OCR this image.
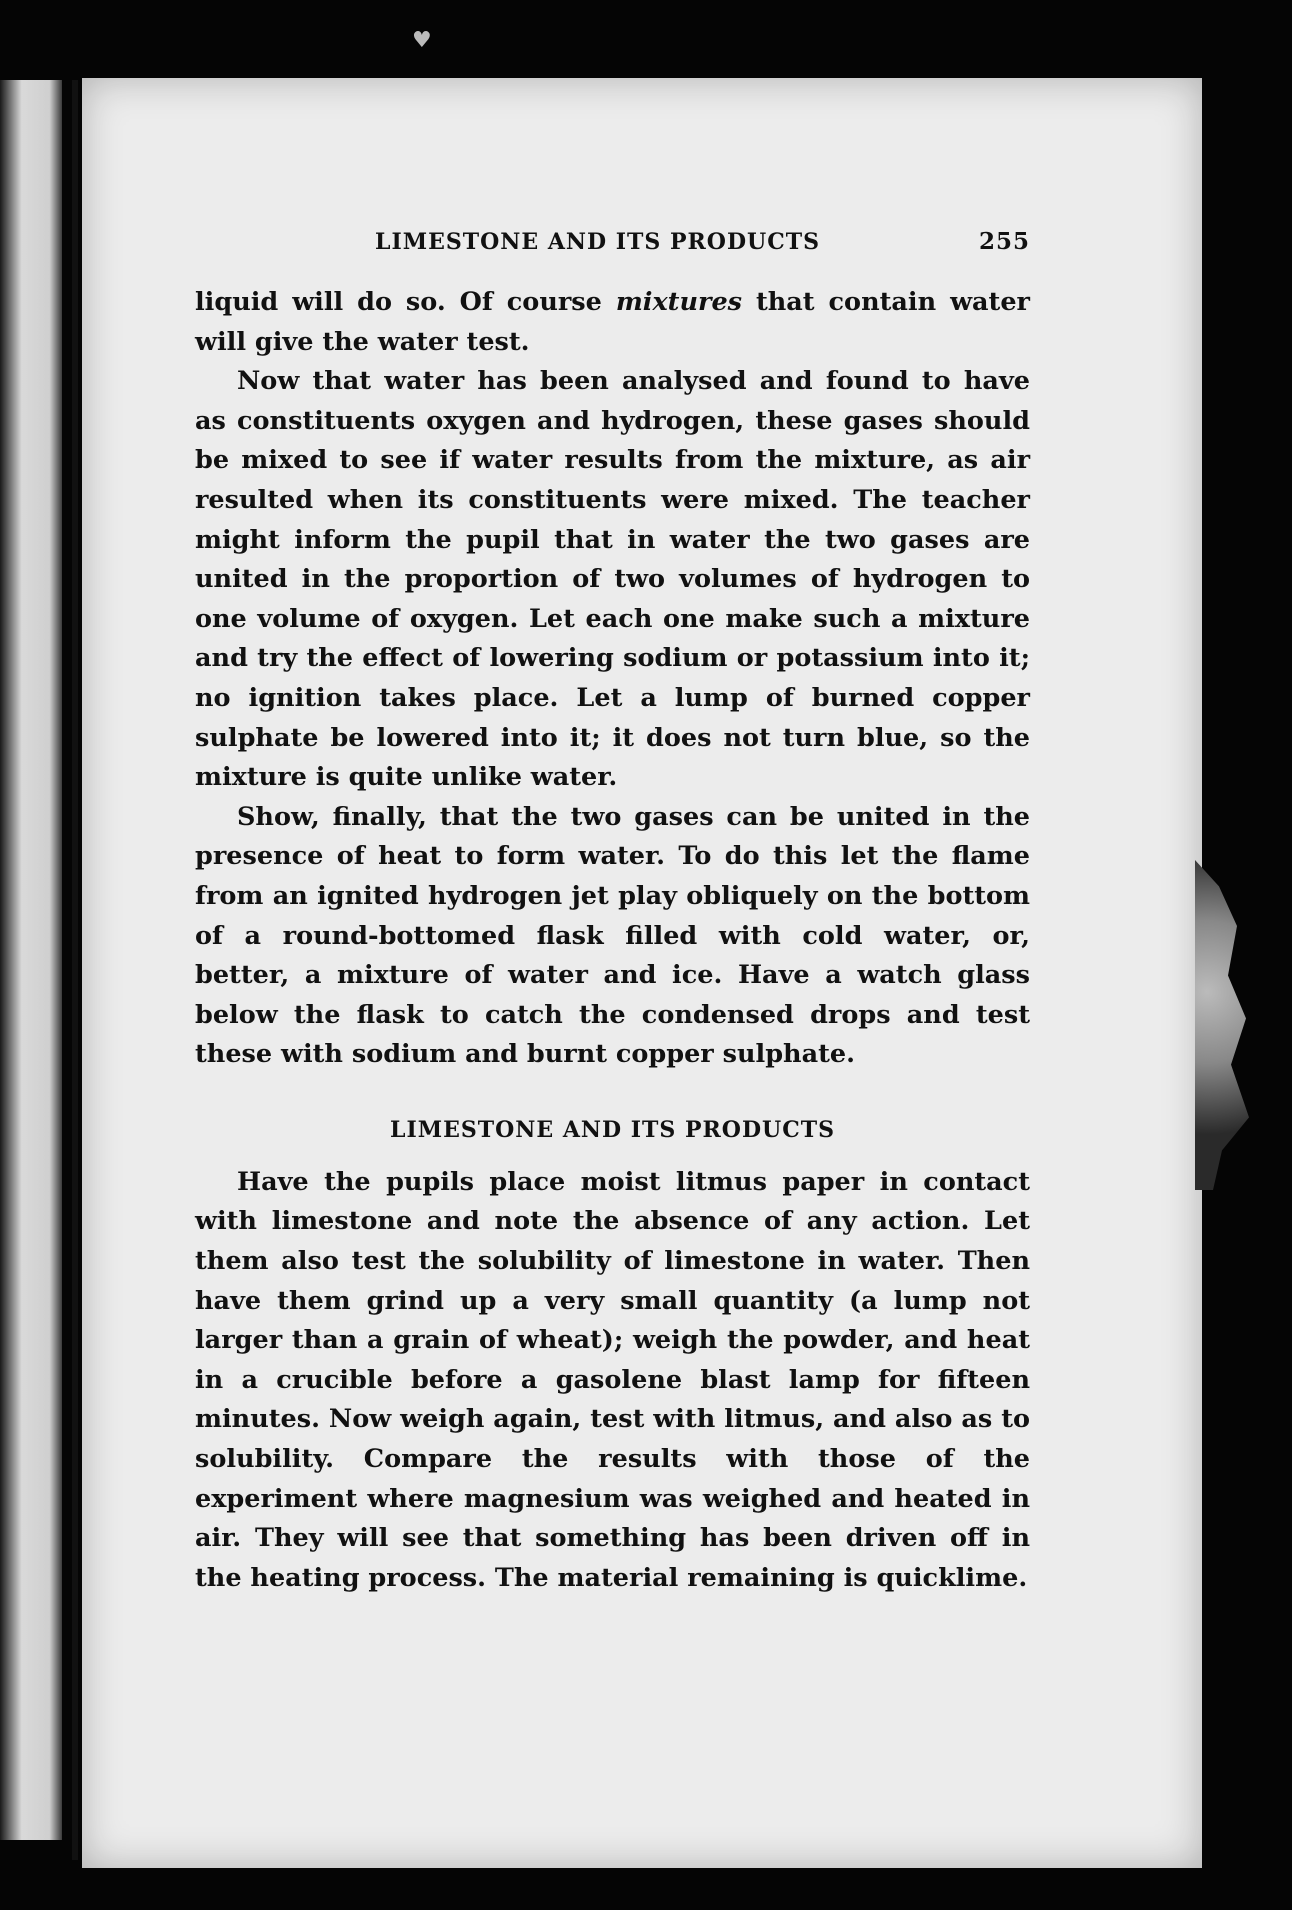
♥
LIMESTONE AND ITS PRODUCTS	255

liquid will do so. Of course mixtures that contain water will give the water test.

Now that water has been analysed and found to have as constituents oxygen and hydrogen, these gases should be mixed to see if water results from the mixture, as air resulted when its constituents were mixed. The teacher might inform the pupil that in water the two gases are united in the proportion of two volumes of hydrogen to one volume of oxygen. Let each one make such a mixture and try the effect of lowering sodium or potassium into it; no ignition takes place. Let a lump of burned copper sulphate be lowered into it; it does not turn blue, so the mixture is quite unlike water.

Show, finally, that the two gases can be united in the presence of heat to form water. To do this let the flame from an ignited hydrogen jet play obliquely on the bottom of a round-bottomed flask filled with cold water, or, better, a mixture of water and ice. Have a watch glass below the flask to catch the condensed drops and test these with sodium and burnt copper sulphate.

LIMESTONE AND ITS PRODUCTS

Have the pupils place moist litmus paper in contact with limestone and note the absence of any action. Let them also test the solubility of limestone in water. Then have them grind up a very small quantity (a lump not larger than a grain of wheat); weigh the powder, and heat in a crucible before a gasolene blast lamp for fifteen minutes. Now weigh again, test with litmus, and also as to solubility. Compare the results with those of the experiment where magnesium was weighed and heated in air. They will see that something has been driven off in the heating process. The material remaining is quicklime.
